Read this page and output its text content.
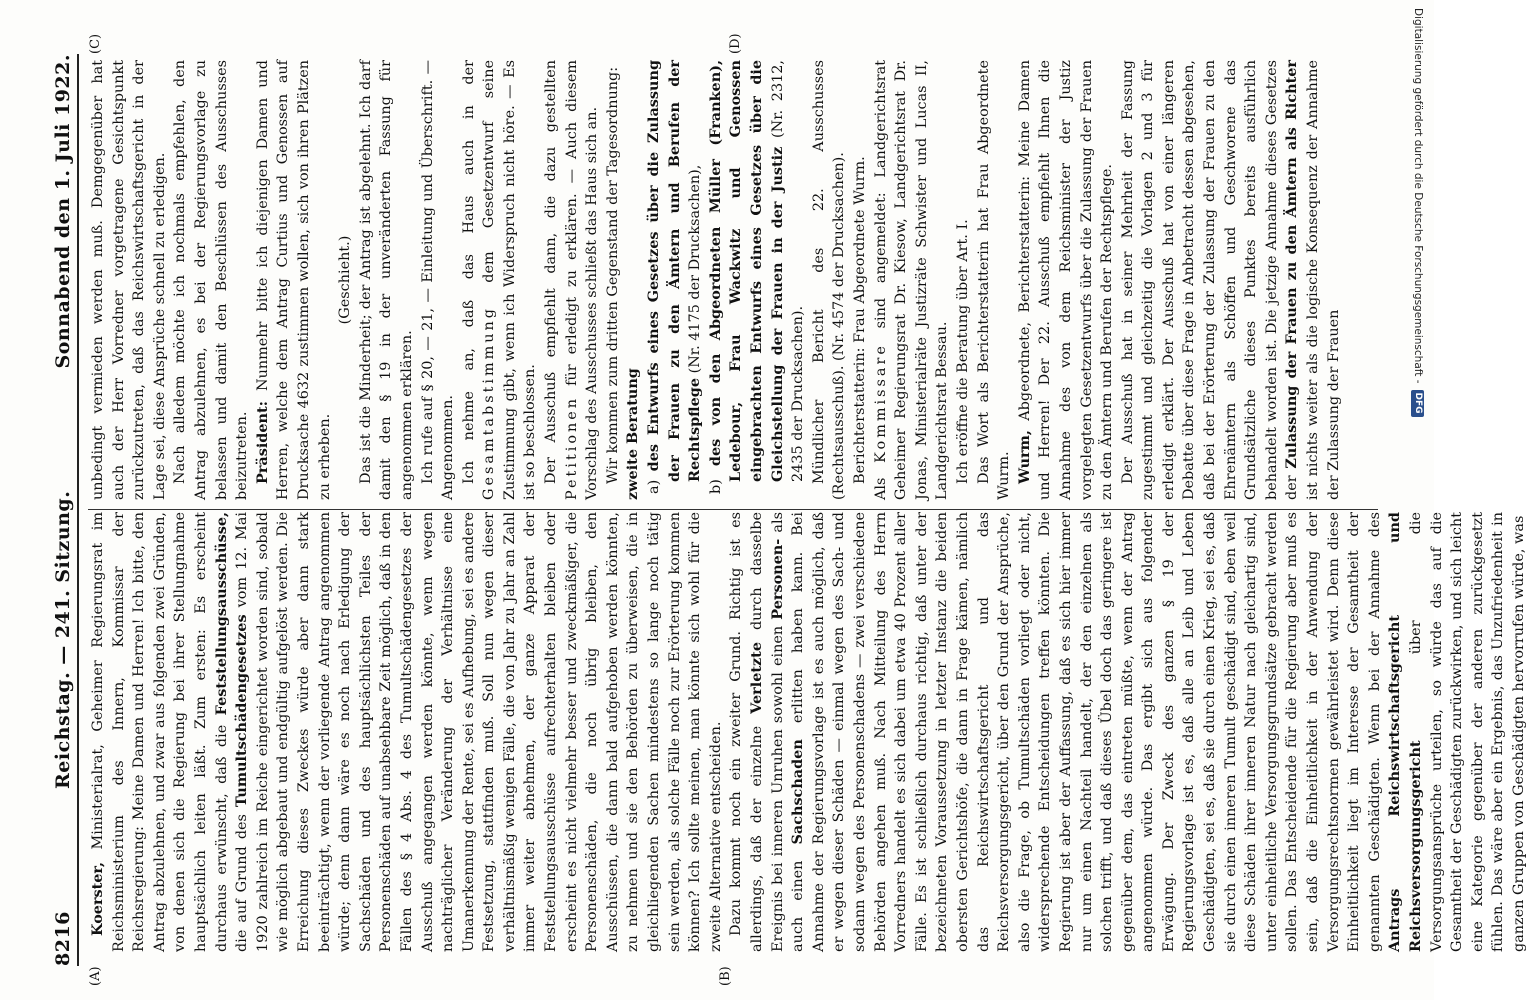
8216
Reichstag. — 241. Sitzung.
Sonnabend den 1. Juli 1922.
(A)	(B)
(C)	(D)

Koerster, Ministerialrat, Geheimer Regierungsrat im Reichsministerium des Innern, Kommissar der Reichsregierung: Meine Damen und Herren! Ich bitte, den Antrag abzulehnen, und zwar aus folgenden zwei Gründen, von denen sich die Regierung bei ihrer Stellungnahme hauptsächlich leiten läßt. Zum ersten: Es erscheint durchaus erwünscht, daß die Feststellungsausschüsse, die auf Grund des Tumultschädengesetzes vom 12. Mai 1920 zahlreich im Reiche eingerichtet worden sind, sobald wie möglich abgebaut und endgültig aufgelöst werden. Die Erreichung dieses Zweckes würde aber dann stark beeinträchtigt, wenn der vorliegende Antrag angenommen würde; denn dann wäre es noch nach Erledigung der Sachschäden und des hauptsächlichsten Teiles der Personenschäden auf unabsehbare Zeit möglich, daß in den Fällen des § 4 Abs. 4 des Tumultschädengesetzes der Ausschuß angegangen werden könnte, wenn wegen nachträglicher Veränderung der Verhältnisse eine Umanerkennung der Rente, sei es Aufhebung, sei es andere Festsetzung, stattfinden muß. Soll nun wegen dieser verhältnismäßig wenigen Fälle, die von Jahr zu Jahr an Zahl immer weiter abnehmen, der ganze Apparat der Feststellungsausschüsse aufrechterhalten bleiben oder erscheint es nicht vielmehr besser und zweckmäßiger, die Personenschäden, die noch übrig bleiben, den Ausschüssen, die dann bald aufgehoben werden könnten, zu nehmen und sie den Behörden zu überweisen, die in gleichliegenden Sachen mindestens so lange noch tätig sein werden, als solche Fälle noch zur Erörterung kommen können? Ich sollte meinen, man könnte sich wohl für die zweite Alternative entscheiden. Dazu kommt noch ein zweiter Grund. Richtig ist es allerdings, daß der einzelne Verletzte durch dasselbe Ereignis bei inneren Unruhen sowohl einen Personen- als auch einen Sachschaden erlitten haben kann. Bei Annahme der Regierungsvorlage ist es auch möglich, daß er wegen dieser Schäden — einmal wegen des Sach- und sodann wegen des Personenschadens — zwei verschiedene Behörden angehen muß. Nach Mitteilung des Herrn Vorredners handelt es sich dabei um etwa 40 Prozent aller Fälle. Es ist schließlich durchaus richtig, daß unter der bezeichneten Voraussetzung in letzter Instanz die beiden obersten Gerichtshöfe, die dann in Frage kämen, nämlich das Reichswirtschaftsgericht und das Reichsversorgungsgericht, über den Grund der Ansprüche, also die Frage, ob Tumultschäden vorliegt oder nicht, widersprechende Entscheidungen treffen könnten. Die Regierung ist aber der Auffassung, daß es sich hier immer nur um einen Nachteil handelt, der den einzelnen als solchen trifft, und daß dieses Übel doch das geringere ist gegenüber dem, das eintreten müßte, wenn der Antrag angenommen würde. Das ergibt sich aus folgender Erwägung. Der Zweck des ganzen § 19 der Regierungsvorlage ist es, daß alle an Leib und Leben Geschädigten, sei es, daß sie durch einen Krieg, sei es, daß sie durch einen inneren Tumult geschädigt sind, eben weil diese Schäden ihrer inneren Natur nach gleichartig sind, unter einheitliche Versorgungsgrundsätze gebracht werden sollen. Das Entscheidende für die Regierung aber muß es sein, daß die Einheitlichkeit in der Anwendung der Versorgungsrechtsnormen gewährleistet wird. Denn diese Einheitlichkeit liegt im Interesse der Gesamtheit der genannten Geschädigten. Wenn bei der Annahme des Antrags Reichswirtschaftsgericht und Reichsversorgungsgericht über die Versorgungsansprüche urteilen, so würde das auf die Gesamtheit der Geschädigten zurückwirken, und sich leicht eine Kategorie gegenüber der anderen zurückgesetzt fühlen. Das wäre aber ein Ergebnis, das Unzufriedenheit in ganzen Gruppen von Geschädigten hervorrufen würde, was

unbedingt vermieden werden muß. Demgegenüber hat auch der Herr Vorredner vorgetragene Gesichtspunkt zurückzutreten, daß das Reichswirtschaftsgericht in der Lage sei, diese Ansprüche schnell zu erledigen. Nach alledem möchte ich nochmals empfehlen, den Antrag abzulehnen, es bei der Regierungsvorlage zu belassen und damit den Beschlüssen des Ausschusses beizutreten. Präsident: Nunmehr bitte ich diejenigen Damen und Herren, welche dem Antrag Curtius und Genossen auf Drucksache 4632 zustimmen wollen, sich von ihren Plätzen zu erheben.

(Geschieht.) Das ist die Minderheit; der Antrag ist abgelehnt. Ich darf damit den § 19 in der unveränderten Fassung für angenommen erklären. Ich rufe auf § 20, — 21, — Einleitung und Überschrift. — Angenommen. Ich nehme an, daß das Haus auch in der Gesamtabstimmung dem Gesetzentwurf seine Zustimmung gibt, wenn ich Widerspruch nicht höre. — Es ist so beschlossen. Der Ausschuß empfiehlt dann, die dazu gestellten Petitionen für erledigt zu erklären. — Auch diesem Vorschlag des Ausschusses schließt das Haus sich an. Wir kommen zum dritten Gegenstand der Tagesordnung: zweite Beratung a) des Entwurfs eines Gesetzes über die Zulassung der Frauen zu den Ämtern und Berufen der Rechtspflege (Nr. 4175 der Drucksachen),

b) des von den Abgeordneten Müller (Franken), Ledebour, Frau Wackwitz und Genossen eingebrachten Entwurfs eines Gesetzes über die Gleichstellung der Frauen in der Justiz (Nr. 2312, 2435 der Drucksachen). Mündlicher Bericht des 22. Ausschusses (Rechtsausschuß). (Nr. 4574 der Drucksachen). Berichterstatterin: Frau Abgeordnete Wurm. Als Kommissare sind angemeldet: Landgerichtsrat Geheimer Regierungsrat Dr. Kiesow, Landgerichtsrat Dr. Jonas, Ministerialräte Justizräte Schwister und Lucas II, Landgerichtsrat Bessau. Ich eröffne die Beratung über Art. I. Das Wort als Berichterstatterin hat Frau Abgeordnete Wurm. Wurm, Abgeordnete, Berichterstatterin: Meine Damen und Herren! Der 22. Ausschuß empfiehlt Ihnen die Annahme des von dem Reichsminister der Justiz vorgelegten Gesetzentwurfs über die Zulassung der Frauen zu den Ämtern und Berufen der Rechtspflege. Der Ausschuß hat in seiner Mehrheit der Fassung zugestimmt und gleichzeitig die Vorlagen 2 und 3 für erledigt erklärt. Der Ausschuß hat von einer längeren Debatte über diese Frage in Anbetracht dessen abgesehen, daß bei der Erörterung der Zulassung der Frauen zu den Ehrenämtern als Schöffen und Geschworene das Grundsätzliche dieses Punktes bereits ausführlich behandelt worden ist. Die jetzige Annahme dieses Gesetzes der Zulassung der Frauen zu den Ämtern als Richter ist nichts weiter als die logische Konsequenz der Annahme der Zulassung der Frauen

Digitalisierung gefördert durch die Deutsche Forschungsgemeinschaft -
DFG
